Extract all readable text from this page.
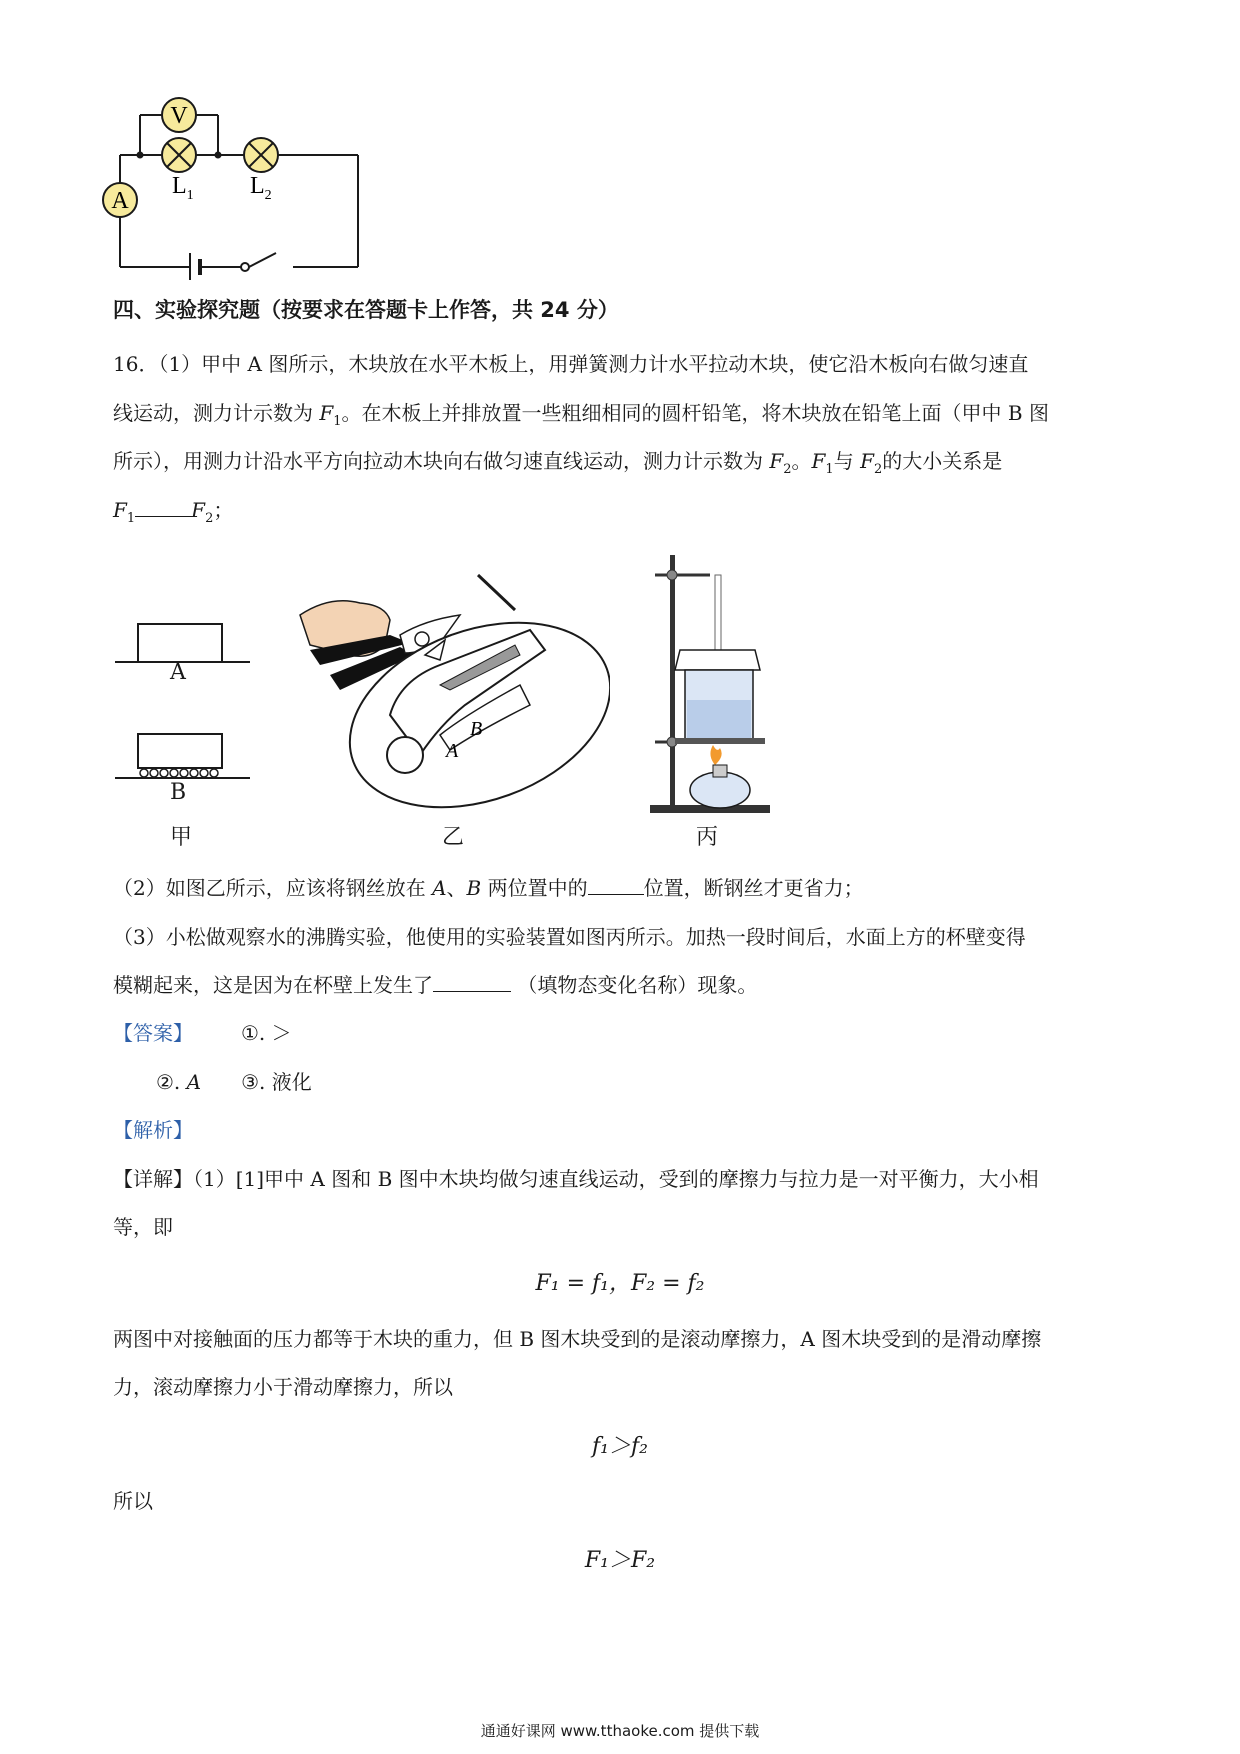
V
A
$L_1$ $L_2$
四、实验探究题（按要求在答题卡上作答，共 24 分）
16．（1）甲中 A 图所示，木块放在水平木板上，用弹簧测力计水平拉动木块，使它沿木板向右做匀速直
线运动，测力计示数为 $F_1$。在木板上并排放置一些粗细相同的圆杆铅笔，将木块放在铅笔上面（甲中 B 图
所示），用测力计沿水平方向拉动木块向右做匀速直线运动，测力计示数为 $F_2$。$F_1$与 $F_2$的大小关系是
$F_1$	$F_2$；
A
B
甲
A
B
乙	丙
（2）如图乙所示，应该将钢丝放在 A、B 两位置中的	位置，断钢丝才更省力；
（3）小松做观察水的沸腾实验，他使用的实验装置如图丙所示。加热一段时间后，水面上方的杯壁变得
模糊起来，这是因为在杯壁上发生了	（填物态变化名称）现象。
【答案】 ①. ＞
②. A ③. 液化
【解析】
【详解】（1）[1]甲中 A 图和 B 图中木块均做匀速直线运动，受到的摩擦力与拉力是一对平衡力，大小相
等，即
F₁ = f₁，F₂ = f₂
两图中对接触面的压力都等于木块的重力，但 B 图木块受到的是滚动摩擦力，A 图木块受到的是滑动摩擦
力，滚动摩擦力小于滑动摩擦力，所以
f₁＞f₂
所以
F₁＞F₂
通通好课网 www.tthaoke.com 提供下载
